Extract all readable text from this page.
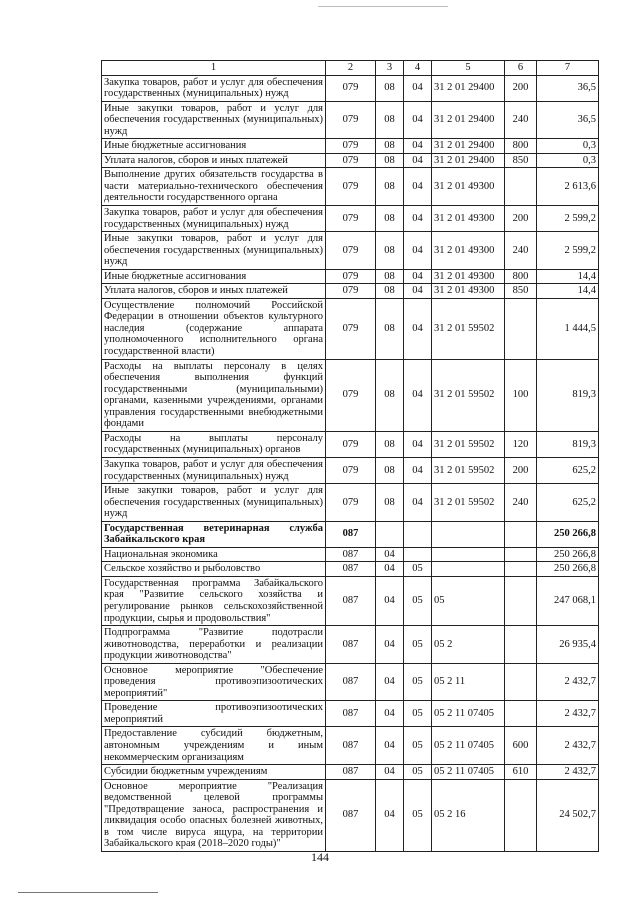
1	2	3	4	5	6	7
Закупка товаров, работ и услуг для обеспечения государственных (муниципальных) нужд	079	08	04	31 2 01 29400	200	36,5
Иные закупки товаров, работ и услуг для обеспечения государственных (муниципальных) нужд	079	08	04	31 2 01 29400	240	36,5
Иные бюджетные ассигнования	079	08	04	31 2 01 29400	800	0,3
Уплата налогов, сборов и иных платежей	079	08	04	31 2 01 29400	850	0,3
Выполнение других обязательств государства в части материально-технического обеспечения деятельности государственного органа	079	08	04	31 2 01 49300		2 613,6
Закупка товаров, работ и услуг для обеспечения государственных (муниципальных) нужд	079	08	04	31 2 01 49300	200	2 599,2
Иные закупки товаров, работ и услуг для обеспечения государственных (муниципальных) нужд	079	08	04	31 2 01 49300	240	2 599,2
Иные бюджетные ассигнования	079	08	04	31 2 01 49300	800	14,4
Уплата налогов, сборов и иных платежей	079	08	04	31 2 01 49300	850	14,4
Осуществление полномочий Российской Федерации в отношении объектов культурного наследия (содержание аппарата уполномоченного исполнительного органа государственной власти)	079	08	04	31 2 01 59502		1 444,5
Расходы на выплаты персоналу в целях обеспечения выполнения функций государственными (муниципальными) органами, казенными учреждениями, органами управления государственными внебюджетными фондами	079	08	04	31 2 01 59502	100	819,3
Расходы на выплаты персоналу государственных (муниципальных) органов	079	08	04	31 2 01 59502	120	819,3
Закупка товаров, работ и услуг для обеспечения государственных (муниципальных) нужд	079	08	04	31 2 01 59502	200	625,2
Иные закупки товаров, работ и услуг для обеспечения государственных (муниципальных) нужд	079	08	04	31 2 01 59502	240	625,2
Государственная ветеринарная служба Забайкальского края	087					250 266,8
Национальная экономика	087	04				250 266,8
Сельское хозяйство и рыболовство	087	04	05			250 266,8
Государственная программа Забайкальского края "Развитие сельского хозяйства и регулирование рынков сельскохозяйственной продукции, сырья и продовольствия"	087	04	05	05		247 068,1
Подпрограмма "Развитие подотрасли животноводства, переработки и реализации продукции животноводства"	087	04	05	05 2		26 935,4
Основное мероприятие "Обеспечение проведения противоэпизоотических мероприятий"	087	04	05	05 2 11		2 432,7
Проведение противоэпизоотических мероприятий	087	04	05	05 2 11 07405		2 432,7
Предоставление субсидий бюджетным, автономным учреждениям и иным некоммерческим организациям	087	04	05	05 2 11 07405	600	2 432,7
Субсидии бюджетным учреждениям	087	04	05	05 2 11 07405	610	2 432,7
Основное мероприятие "Реализация ведомственной целевой программы "Предотвращение заноса, распространения и ликвидация особо опасных болезней животных, в том числе вируса ящура, на территории Забайкальского края (2018–2020 годы)"	087	04	05	05 2 16		24 502,7
144
